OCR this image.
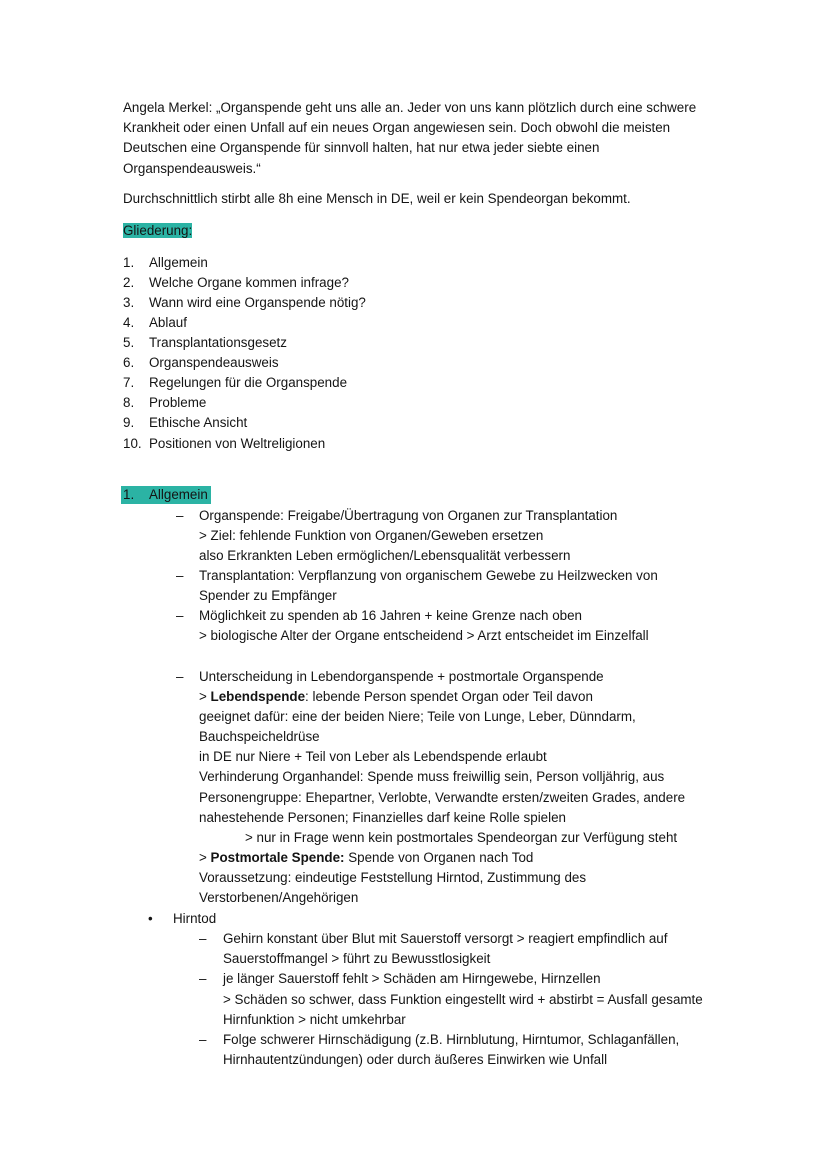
Angela Merkel: „Organspende geht uns alle an. Jeder von uns kann plötzlich durch eine schwere
Krankheit oder einen Unfall auf ein neues Organ angewiesen sein. Doch obwohl die meisten
Deutschen eine Organspende für sinnvoll halten, hat nur etwa jeder siebte einen
Organspendeausweis.“
Durchschnittlich stirbt alle 8h eine Mensch in DE, weil er kein Spendeorgan bekommt.
Gliederung:
1. Allgemein
2. Welche Organe kommen infrage?
3. Wann wird eine Organspende nötig?
4. Ablauf
5. Transplantationsgesetz
6. Organspendeausweis
7. Regelungen für die Organspende
8. Probleme
9. Ethische Ansicht
10. Positionen von Weltreligionen
1. Allgemein
– Organspende: Freigabe/Übertragung von Organen zur Transplantation
> Ziel: fehlende Funktion von Organen/Geweben ersetzen
also Erkrankten Leben ermöglichen/Lebensqualität verbessern
– Transplantation: Verpflanzung von organischem Gewebe zu Heilzwecken von
Spender zu Empfänger
– Möglichkeit zu spenden ab 16 Jahren + keine Grenze nach oben
> biologische Alter der Organe entscheidend > Arzt entscheidet im Einzelfall
– Unterscheidung in Lebendorganspende + postmortale Organspende
> Lebendspende: lebende Person spendet Organ oder Teil davon
geeignet dafür: eine der beiden Niere; Teile von Lunge, Leber, Dünndarm,
Bauchspeicheldrüse
in DE nur Niere + Teil von Leber als Lebendspende erlaubt
Verhinderung Organhandel: Spende muss freiwillig sein, Person volljährig, aus
Personengruppe: Ehepartner, Verlobte, Verwandte ersten/zweiten Grades, andere
nahestehende Personen; Finanzielles darf keine Rolle spielen
> nur in Frage wenn kein postmortales Spendeorgan zur Verfügung steht
> Postmortale Spende: Spende von Organen nach Tod
Voraussetzung: eindeutige Feststellung Hirntod, Zustimmung des
Verstorbenen/Angehörigen
• Hirntod
– Gehirn konstant über Blut mit Sauerstoff versorgt > reagiert empfindlich auf
Sauerstoffmangel > führt zu Bewusstlosigkeit
– je länger Sauerstoff fehlt > Schäden am Hirngewebe, Hirnzellen
> Schäden so schwer, dass Funktion eingestellt wird + abstirbt = Ausfall gesamte
Hirnfunktion > nicht umkehrbar
– Folge schwerer Hirnschädigung (z.B. Hirnblutung, Hirntumor, Schlaganfällen,
Hirnhautentzündungen) oder durch äußeres Einwirken wie Unfall
